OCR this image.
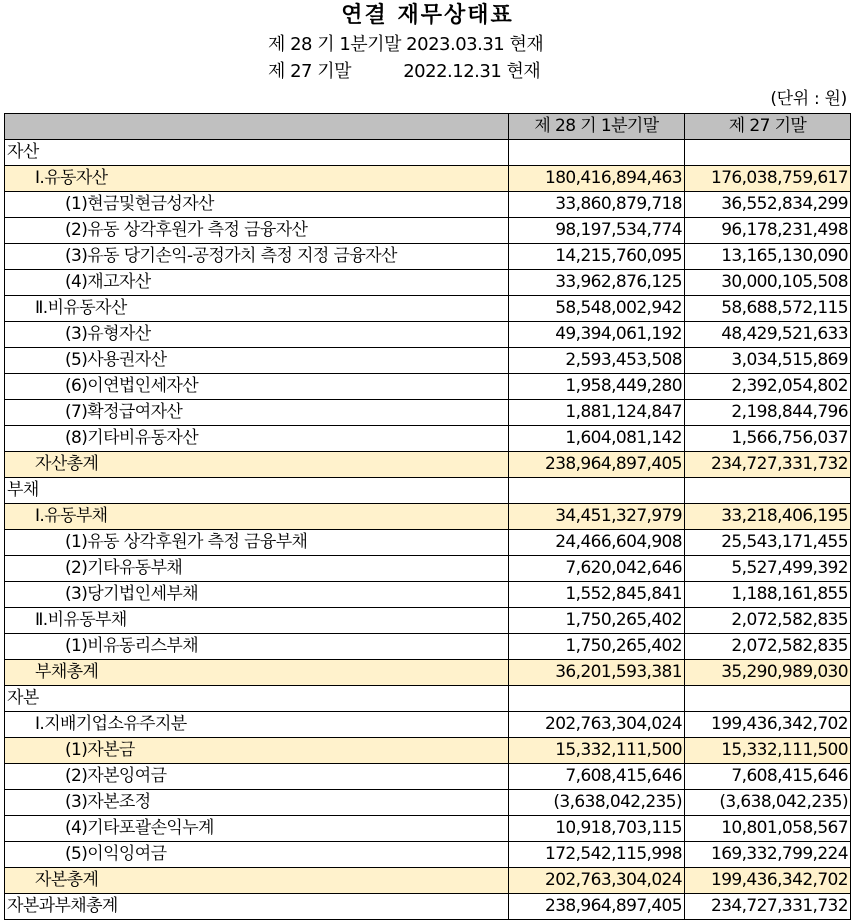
연결 재무상태표
제 28 기 1분기말 2023.03.31 현재
제 27 기말          2022.12.31 현재
(단위 : 원)
	제 28 기 1분기말	제 27 기말
자산		
Ⅰ.유동자산	180,416,894,463	176,038,759,617
(1)현금및현금성자산	33,860,879,718	36,552,834,299
(2)유동 상각후원가 측정 금융자산	98,197,534,774	96,178,231,498
(3)유동 당기손익-공정가치 측정 지정 금융자산	14,215,760,095	13,165,130,090
(4)재고자산	33,962,876,125	30,000,105,508
Ⅱ.비유동자산	58,548,002,942	58,688,572,115
(3)유형자산	49,394,061,192	48,429,521,633
(5)사용권자산	2,593,453,508	3,034,515,869
(6)이연법인세자산	1,958,449,280	2,392,054,802
(7)확정급여자산	1,881,124,847	2,198,844,796
(8)기타비유동자산	1,604,081,142	1,566,756,037
자산총계	238,964,897,405	234,727,331,732
부채		
Ⅰ.유동부채	34,451,327,979	33,218,406,195
(1)유동 상각후원가 측정 금융부채	24,466,604,908	25,543,171,455
(2)기타유동부채	7,620,042,646	5,527,499,392
(3)당기법인세부채	1,552,845,841	1,188,161,855
Ⅱ.비유동부채	1,750,265,402	2,072,582,835
(1)비유동리스부채	1,750,265,402	2,072,582,835
부채총계	36,201,593,381	35,290,989,030
자본		
Ⅰ.지배기업소유주지분	202,763,304,024	199,436,342,702
(1)자본금	15,332,111,500	15,332,111,500
(2)자본잉여금	7,608,415,646	7,608,415,646
(3)자본조정	(3,638,042,235)	(3,638,042,235)
(4)기타포괄손익누계	10,918,703,115	10,801,058,567
(5)이익잉여금	172,542,115,998	169,332,799,224
자본총계	202,763,304,024	199,436,342,702
자본과부채총계	238,964,897,405	234,727,331,732
